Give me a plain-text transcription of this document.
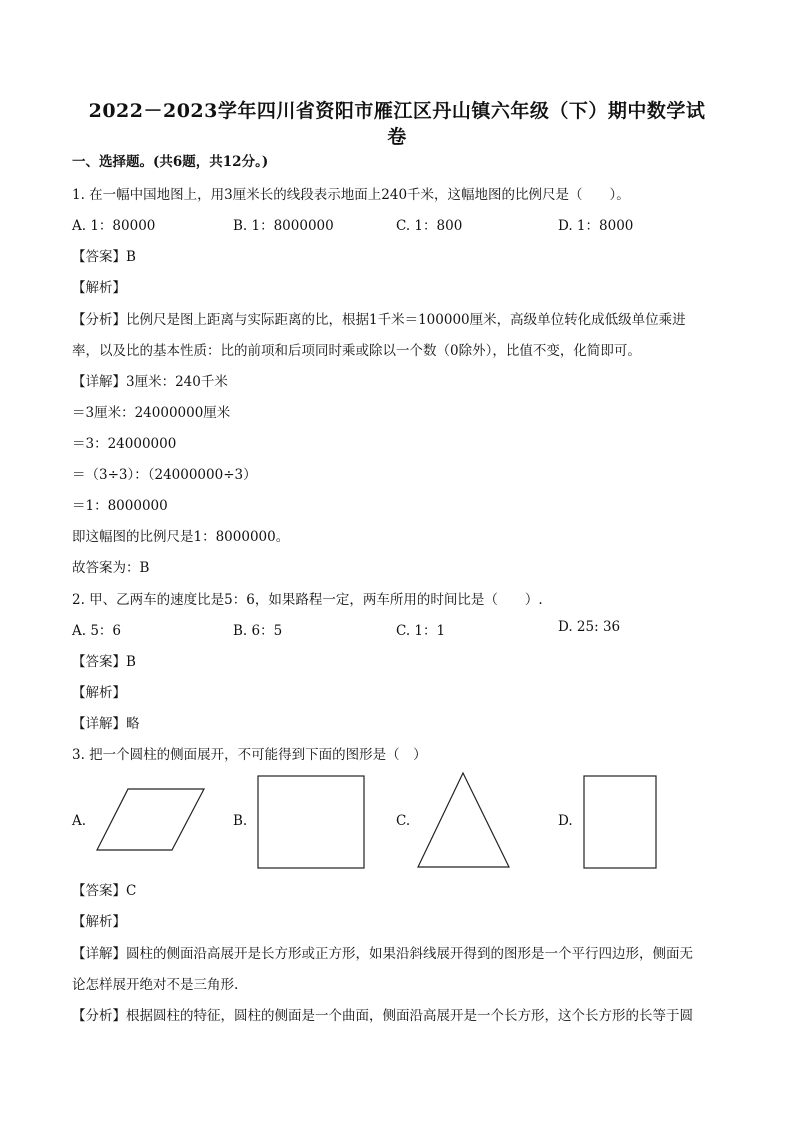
2022－2023学年四川省资阳市雁江区丹山镇六年级（下）期中数学试
卷
一、选择题。(共6题，共12分。)
1. 在一幅中国地图上，用3厘米长的线段表示地面上240千米，这幅地图的比例尺是（　　）。
A. 1：80000	B. 1：8000000	C. 1：800	D. 1：8000
【答案】B
【解析】
【分析】比例尺是图上距离与实际距离的比，根据1千米＝100000厘米，高级单位转化成低级单位乘进
率，以及比的基本性质：比的前项和后项同时乘或除以一个数（0除外），比值不变，化简即可。
【详解】3厘米：240千米
＝3厘米：24000000厘米
＝3：24000000
＝（3÷3）：（24000000÷3）
＝1：8000000
即这幅图的比例尺是1：8000000。
故答案为：B
2. 甲、乙两车的速度比是5：6，如果路程一定，两车所用的时间比是（　　）.
A. 5：6	B. 6：5	C. 1：1	D. 25: 36
【答案】B
【解析】
【详解】略
3. 把一个圆柱的侧面展开，不可能得到下面的图形是（　）
A.	B.	C.	D.
【答案】C
【解析】
【详解】圆柱的侧面沿高展开是长方形或正方形，如果沿斜线展开得到的图形是一个平行四边形，侧面无
论怎样展开绝对不是三角形.
【分析】根据圆柱的特征，圆柱的侧面是一个曲面，侧面沿高展开是一个长方形，这个长方形的长等于圆
